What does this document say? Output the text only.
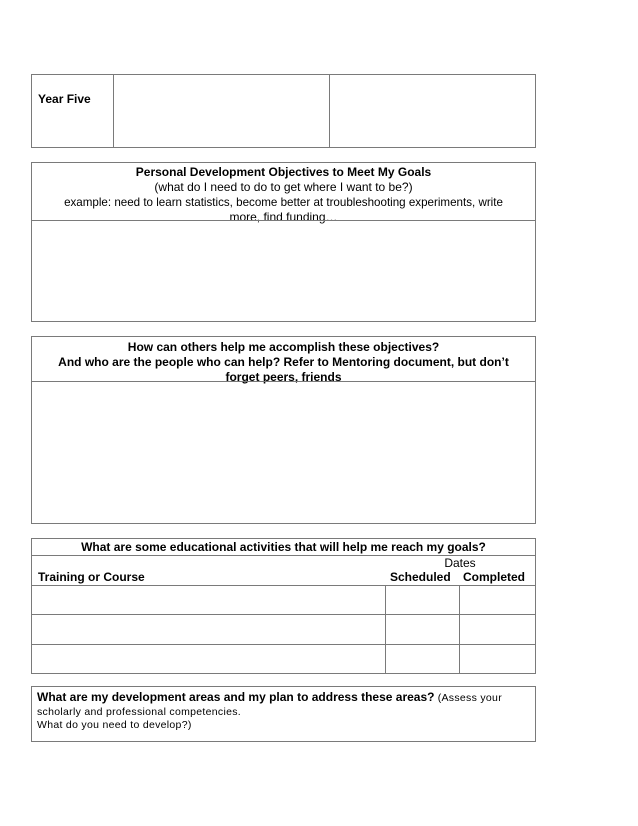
Year Five
Personal Development Objectives to Meet My Goals
(what do I need to do to get where I want to be?)
example: need to learn statistics, become better at troubleshooting experiments, write
more, find funding…
How can others help me accomplish these objectives?
And who are the people who can help? Refer to Mentoring document, but don’t
forget peers, friends
What are some educational activities that will help me reach my goals?
Dates
Training or Course	Scheduled Completed
What are my development areas and my plan to address these areas? (Assess your
scholarly and professional competencies.
What do you need to develop?)
